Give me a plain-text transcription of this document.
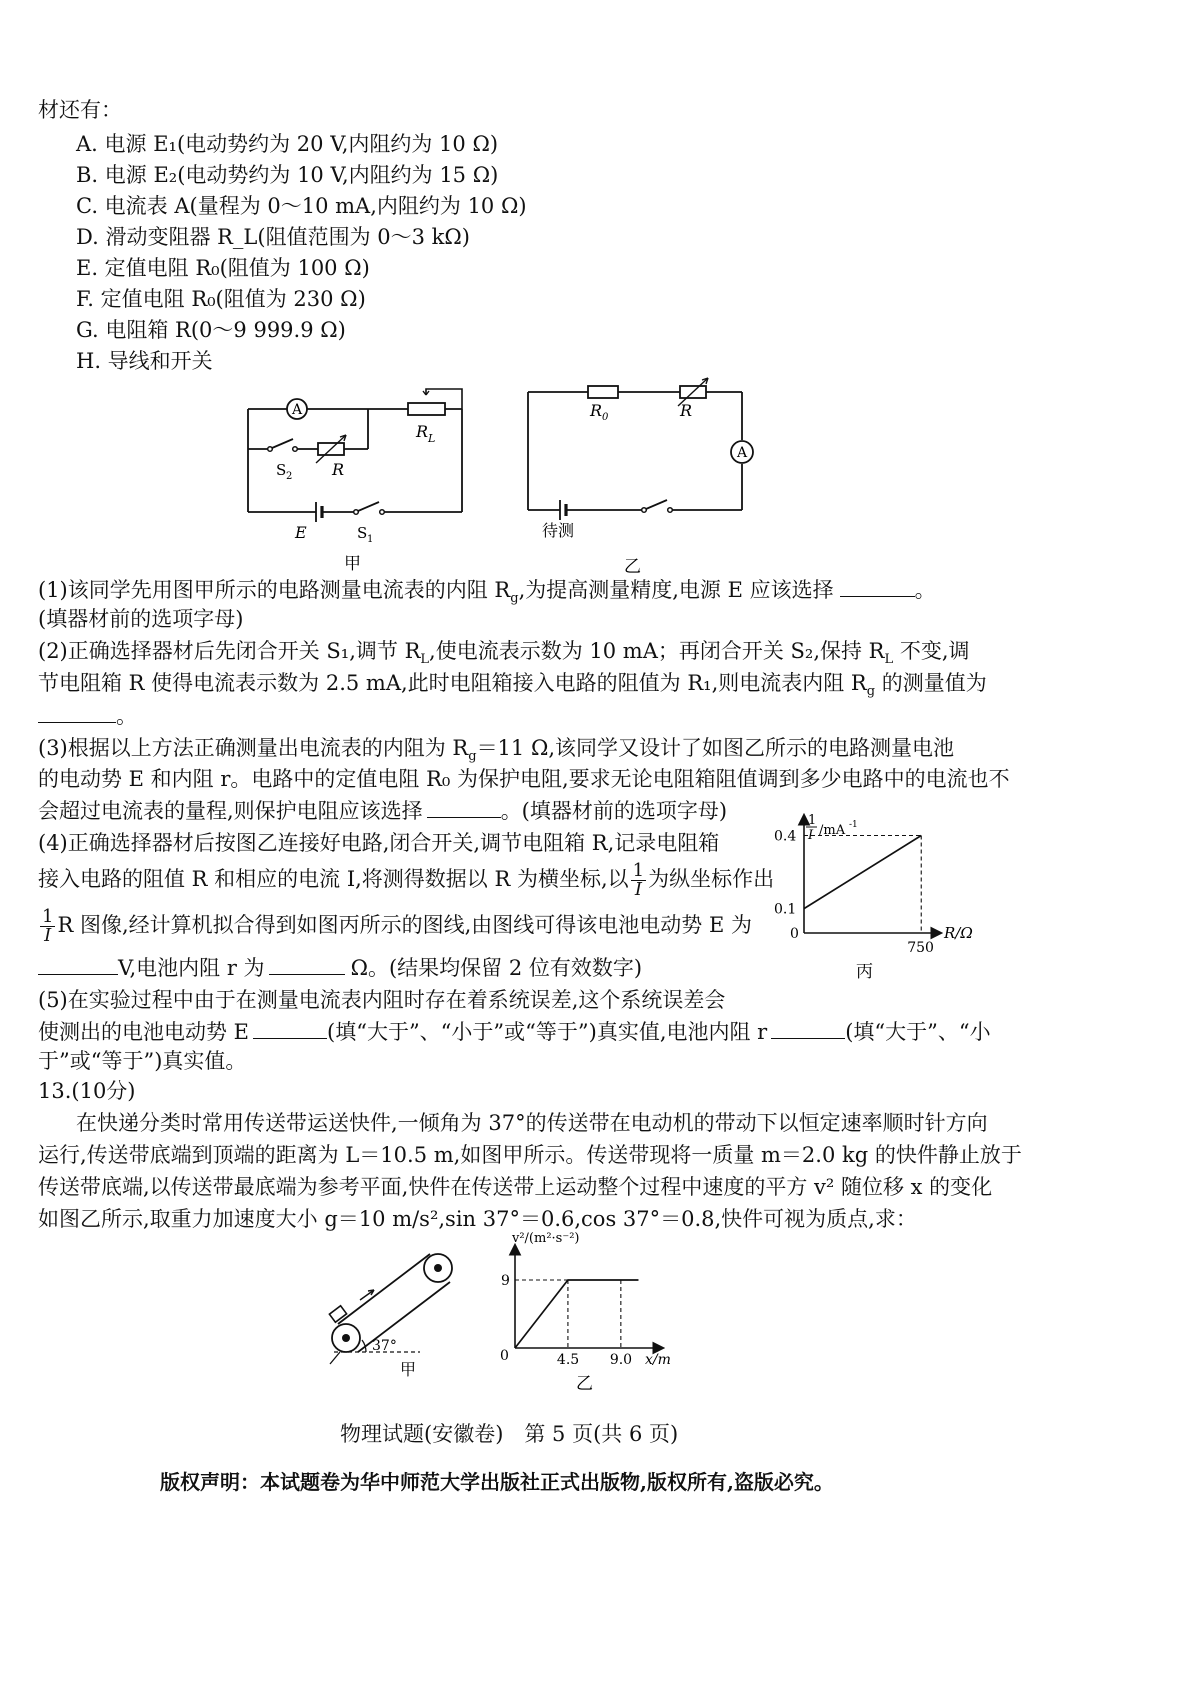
材还有：
A. 电源 E₁(电动势约为 20 V,内阻约为 10 Ω)
B. 电源 E₂(电动势约为 10 V,内阻约为 15 Ω)
C. 电流表 A(量程为 0～10 mA,内阻约为 10 Ω)
D. 滑动变阻器 R_L(阻值范围为 0～3 kΩ)
E. 定值电阻 R₀(阻值为 100 Ω)
F. 定值电阻 R₀(阻值为 230 Ω)
G. 电阻箱 R(0～9 999.9 Ω)
H. 导线和开关
A
R L
S 2 R
E	S 1
甲
R 0	R
A
待测
乙
(1)该同学先用图甲所示的电路测量电流表的内阻 $R_g$,为提高测量精度,电源 E 应该选择	。
(填器材前的选项字母)
(2)正确选择器材后先闭合开关 S₁,调节 $R_L$,使电流表示数为 10 mA；再闭合开关 S₂,保持 $R_L$ 不变,调
节电阻箱 R 使得电流表示数为 2.5 mA,此时电阻箱接入电路的阻值为 R₁,则电流表内阻 $R_g$ 的测量值为
。
(3)根据以上方法正确测量出电流表的内阻为 $R_g=11$ Ω,该同学又设计了如图乙所示的电路测量电池
的电动势 E 和内阻 r。电路中的定值电阻 R₀ 为保护电阻,要求无论电阻箱阻值调到多少电路中的电流也不
会超过电流表的量程,则保护电阻应该选择	。(填器材前的选项字母)
(4)正确选择器材后按图乙连接好电路,闭合开关,调节电阻箱 R,记录电阻箱
接入电路的阻值 R 和相应的电流 I,将测得数据以 R 为横坐标,以 $\frac{1}{I}$ 为纵坐标作出
$\frac{1}{I}$ R 图像,经计算机拟合得到如图丙所示的图线,由图线可得该电池电动势 E 为
V,电池内阻 r 为	Ω。(结果均保留 2 位有效数字)
1
I /mA -1
R/Ω
0
0.1
0.4
750
丙
(5)在实验过程中由于在测量电流表内阻时存在着系统误差,这个系统误差会
使测出的电池电动势 E	(填“大于”、“小于”或“等于”)真实值,电池内阻 r	(填“大于”、“小
于”或“等于”)真实值。
13.(10分)
在快递分类时常用传送带运送快件,一倾角为 37°的传送带在电动机的带动下以恒定速率顺时针方向
运行,传送带底端到顶端的距离为 L＝10.5 m,如图甲所示。传送带现将一质量 m＝2.0 kg 的快件静止放于
传送带底端,以传送带最底端为参考平面,快件在传送带上运动整个过程中速度的平方 v² 随位移 x 的变化
如图乙所示,取重力加速度大小 g＝10 m/s²,sin 37°＝0.6,cos 37°＝0.8,快件可视为质点,求：
37°
甲
v²/(m²·s⁻²)
x/m
0
9
4.5 9.0
乙
物理试题(安徽卷)　第 5 页(共 6 页)
版权声明：本试题卷为华中师范大学出版社正式出版物,版权所有,盗版必究。
